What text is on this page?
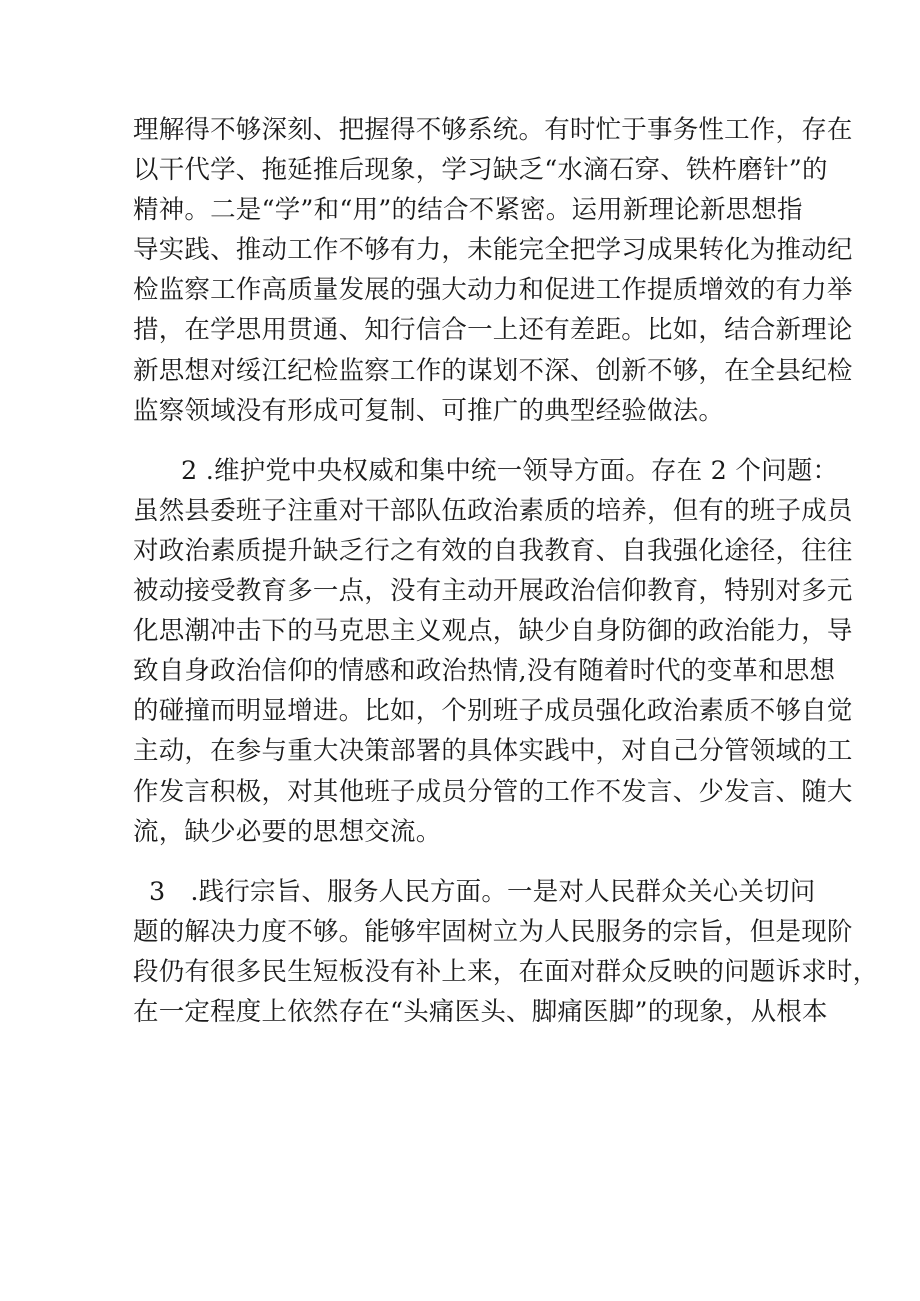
理解得不够深刻、把握得不够系统。有时忙于事务性工作，存在
以干代学、拖延推后现象，学习缺乏“水滴石穿、铁杵磨针”的
精神。二是“学”和“用”的结合不紧密。运用新理论新思想指
导实践、推动工作不够有力，未能完全把学习成果转化为推动纪
检监察工作高质量发展的强大动力和促进工作提质增效的有力举
措，在学思用贯通、知行信合一上还有差距。比如，结合新理论
新思想对绥江纪检监察工作的谋划不深、创新不够，在全县纪检
监察领域没有形成可复制、可推广的典型经验做法。
2 .维护党中央权威和集中统一领导方面。存在 2 个问题：
虽然县委班子注重对干部队伍政治素质的培养，但有的班子成员
对政治素质提升缺乏行之有效的自我教育、自我强化途径，往往
被动接受教育多一点，没有主动开展政治信仰教育，特别对多元
化思潮冲击下的马克思主义观点，缺少自身防御的政治能力，导
致自身政治信仰的情感和政治热情,没有随着时代的变革和思想
的碰撞而明显增进。比如，个别班子成员强化政治素质不够自觉
主动，在参与重大决策部署的具体实践中，对自己分管领域的工
作发言积极，对其他班子成员分管的工作不发言、少发言、随大
流，缺少必要的思想交流。
3   .践行宗旨、服务人民方面。一是对人民群众关心关切问
题的解决力度不够。能够牢固树立为人民服务的宗旨，但是现阶
段仍有很多民生短板没有补上来，在面对群众反映的问题诉求时，
在一定程度上依然存在“头痛医头、脚痛医脚”的现象，从根本
